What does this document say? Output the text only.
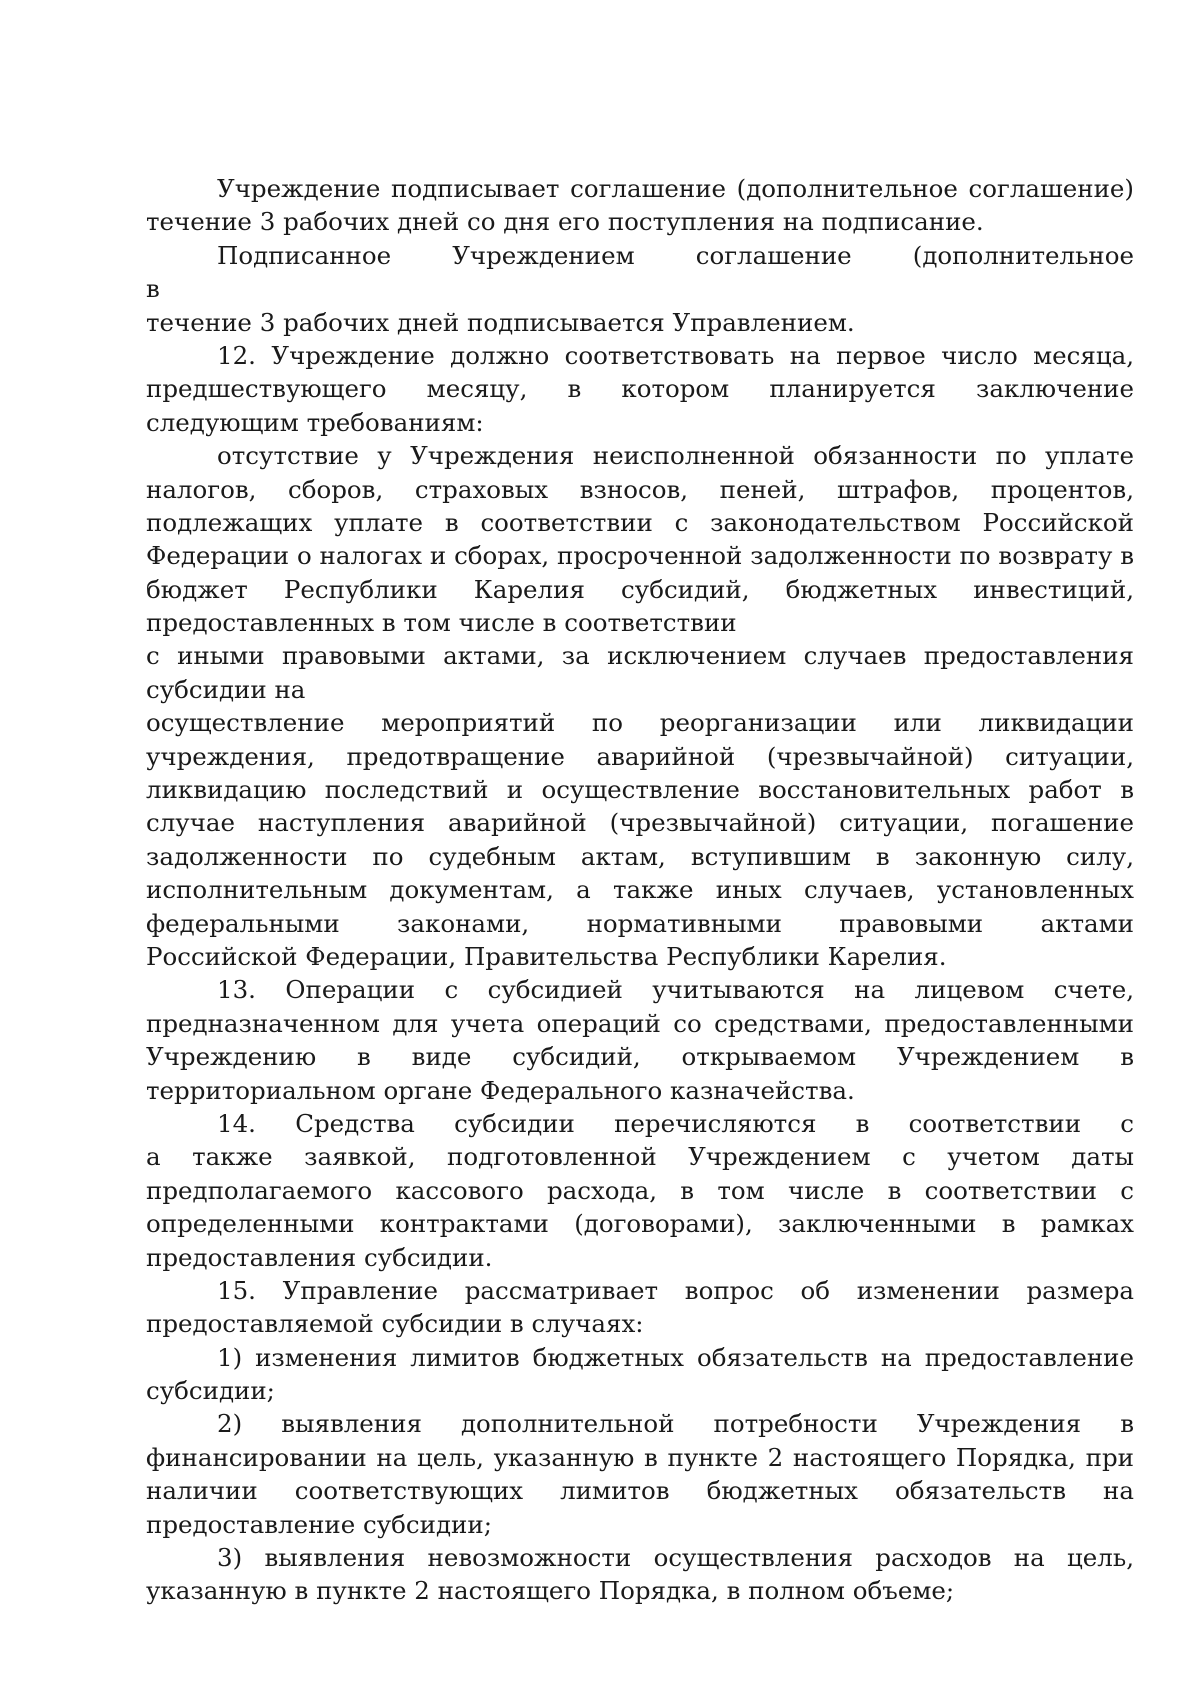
Учреждение подписывает соглашение (дополнительное соглашение)
течение 3 рабочих дней со дня его поступления на подписание.
Подписанное Учреждением соглашение (дополнительное
в
течение 3 рабочих дней подписывается Управлением.
12. Учреждение должно соответствовать на первое число месяца,
предшествующего месяцу, в котором планируется заключение
следующим требованиям:
отсутствие у Учреждения неисполненной обязанности по уплате
налогов, сборов, страховых взносов, пеней, штрафов, процентов,
подлежащих уплате в соответствии с законодательством Российской
Федерации о налогах и сборах, просроченной задолженности по возврату в
бюджет Республики Карелия субсидий, бюджетных инвестиций,
предоставленных в том числе в соответствии
с иными правовыми актами, за исключением случаев предоставления
субсидии на
осуществление мероприятий по реорганизации или ликвидации
учреждения, предотвращение аварийной (чрезвычайной) ситуации,
ликвидацию последствий и осуществление восстановительных работ в
случае наступления аварийной (чрезвычайной) ситуации, погашение
задолженности по судебным актам, вступившим в законную силу,
исполнительным документам, а также иных случаев, установленных
федеральными законами, нормативными правовыми актами
Российской Федерации, Правительства Республики Карелия.
13. Операции с субсидией учитываются на лицевом счете,
предназначенном для учета операций со средствами, предоставленными
Учреждению в виде субсидий, открываемом Учреждением в
территориальном органе Федерального казначейства.
14. Средства субсидии перечисляются в соответствии с
а также заявкой, подготовленной Учреждением с учетом даты
предполагаемого кассового расхода, в том числе в соответствии с
определенными контрактами (договорами), заключенными в рамках
предоставления субсидии.
15. Управление рассматривает вопрос об изменении размера
предоставляемой субсидии в случаях:
1) изменения лимитов бюджетных обязательств на предоставление
субсидии;
2) выявления дополнительной потребности Учреждения в
финансировании на цель, указанную в пункте 2 настоящего Порядка, при
наличии соответствующих лимитов бюджетных обязательств на
предоставление субсидии;
3) выявления невозможности осуществления расходов на цель,
указанную в пункте 2 настоящего Порядка, в полном объеме;
